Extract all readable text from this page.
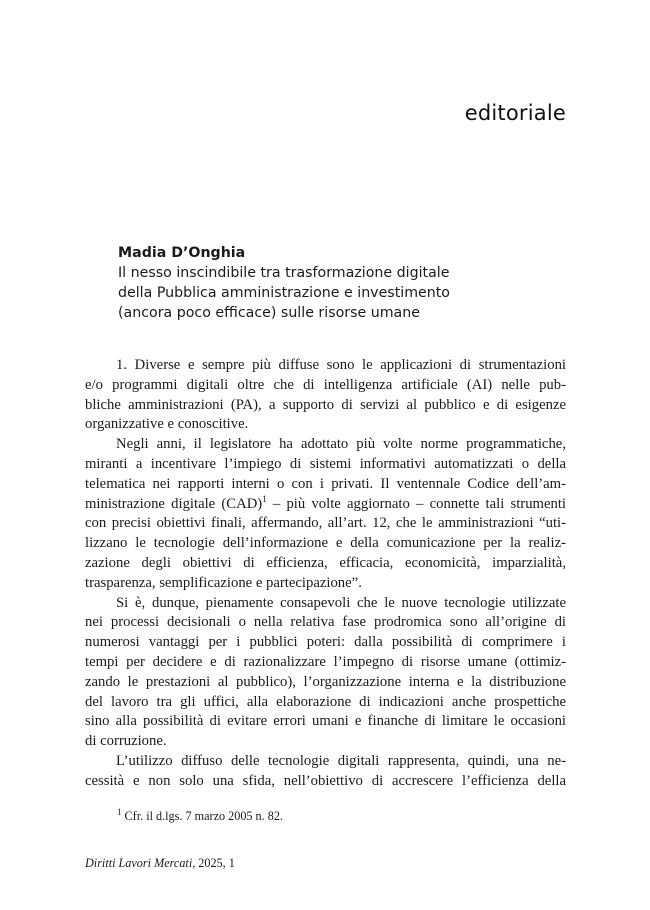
editoriale
Madia D’Onghia
Il nesso inscindibile tra trasformazione digitale
della Pubblica amministrazione e investimento
(ancora poco efficace) sulle risorse umane
1. Diverse e sempre più diffuse sono le applicazioni di strumentazioni
e/o programmi digitali oltre che di intelligenza artificiale (AI) nelle pub-
bliche amministrazioni (PA), a supporto di servizi al pubblico e di esigenze
organizzative e conoscitive.
Negli anni, il legislatore ha adottato più volte norme programmatiche,
miranti a incentivare l’impiego di sistemi informativi automatizzati o della
telematica nei rapporti interni o con i privati. Il ventennale Codice dell’am-
ministrazione digitale (CAD)$^1$ – più volte aggiornato – connette tali strumenti
con precisi obiettivi finali, affermando, all’art. 12, che le amministrazioni “uti-
lizzano le tecnologie dell’informazione e della comunicazione per la realiz-
zazione degli obiettivi di efficienza, efficacia, economicità, imparzialità,
trasparenza, semplificazione e partecipazione”.
Si è, dunque, pienamente consapevoli che le nuove tecnologie utilizzate
nei processi decisionali o nella relativa fase prodromica sono all’origine di
numerosi vantaggi per i pubblici poteri: dalla possibilità di comprimere i
tempi per decidere e di razionalizzare l’impegno di risorse umane (ottimiz-
zando le prestazioni al pubblico), l’organizzazione interna e la distribuzione
del lavoro tra gli uffici, alla elaborazione di indicazioni anche prospettiche
sino alla possibilità di evitare errori umani e finanche di limitare le occasioni
di corruzione.
L’utilizzo diffuso delle tecnologie digitali rappresenta, quindi, una ne-
cessità e non solo una sfida, nell’obiettivo di accrescere l’efficienza della
$^1$ Cfr. il d.lgs. 7 marzo 2005 n. 82.
Diritti Lavori Mercati, 2025, 1
